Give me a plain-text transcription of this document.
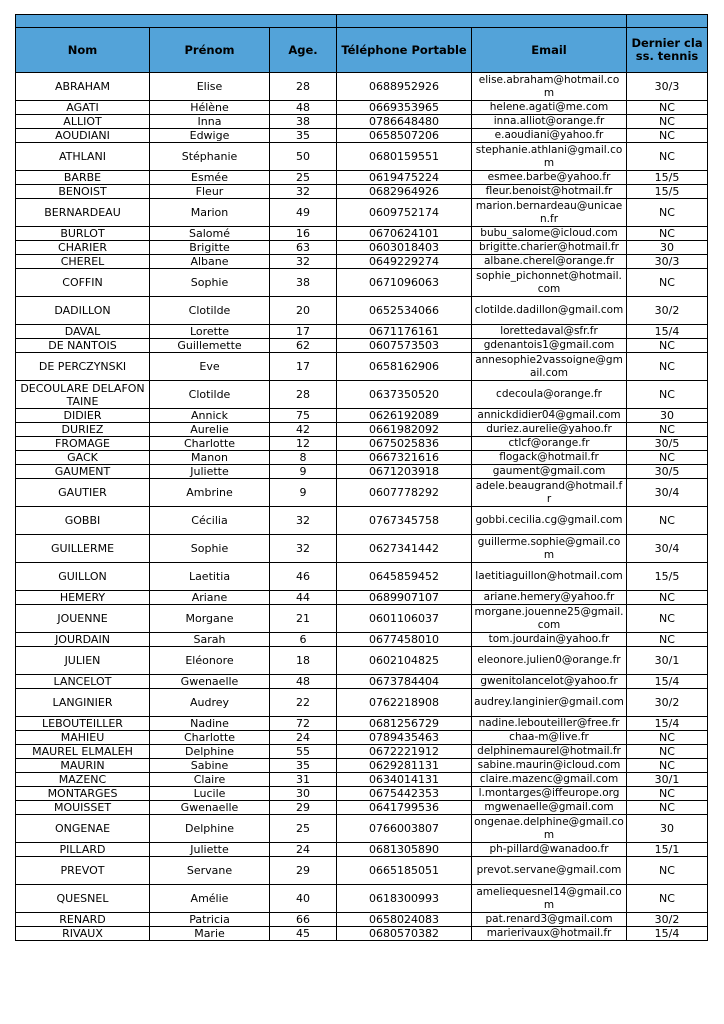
Nom	Prénom	Age.	Téléphone Portable	Email	Dernier class. tennis
ABRAHAM	Elise	28	0688952926	elise.abraham@hotmail.com	30/3
AGATI	Hélène	48	0669353965	helene.agati@me.com	NC
ALLIOT	Inna	38	0786648480	inna.alliot@orange.fr	NC
AOUDIANI	Edwige	35	0658507206	e.aoudiani@yahoo.fr	NC
ATHLANI	Stéphanie	50	0680159551	stephanie.athlani@gmail.com	NC
BARBE	Esmée	25	0619475224	esmee.barbe@yahoo.fr	15/5
BENOIST	Fleur	32	0682964926	fleur.benoist@hotmail.fr	15/5
BERNARDEAU	Marion	49	0609752174	marion.bernardeau@unicaen.fr	NC
BURLOT	Salomé	16	0670624101	bubu_salome@icloud.com	NC
CHARIER	Brigitte	63	0603018403	brigitte.charier@hotmail.fr	30
CHEREL	Albane	32	0649229274	albane.cherel@orange.fr	30/3
COFFIN	Sophie	38	0671096063	sophie_pichonnet@hotmail.com	NC
DADILLON	Clotilde	20	0652534066	clotilde.dadillon@gmail.com	30/2
DAVAL	Lorette	17	0671176161	lorettedaval@sfr.fr	15/4
DE NANTOIS	Guillemette	62	0607573503	gdenantois1@gmail.com	NC
DE PERCZYNSKI	Eve	17	0658162906	annesophie2vassoigne@gmail.com	NC
DECOULARE DELAFONTAINE	Clotilde	28	0637350520	cdecoula@orange.fr	NC
DIDIER	Annick	75	0626192089	annickdidier04@gmail.com	30
DURIEZ	Aurelie	42	0661982092	duriez.aurelie@yahoo.fr	NC
FROMAGE	Charlotte	12	0675025836	ctlcf@orange.fr	30/5
GACK	Manon	8	0667321616	flogack@hotmail.fr	NC
GAUMENT	Juliette	9	0671203918	gaument@gmail.com	30/5
GAUTIER	Ambrine	9	0607778292	adele.beaugrand@hotmail.fr	30/4
GOBBI	Cécilia	32	0767345758	gobbi.cecilia.cg@gmail.com	NC
GUILLERME	Sophie	32	0627341442	guillerme.sophie@gmail.com	30/4
GUILLON	Laetitia	46	0645859452	laetitiaguillon@hotmail.com	15/5
HEMERY	Ariane	44	0689907107	ariane.hemery@yahoo.fr	NC
JOUENNE	Morgane	21	0601106037	morgane.jouenne25@gmail.com	NC
JOURDAIN	Sarah	6	0677458010	tom.jourdain@yahoo.fr	NC
JULIEN	Eléonore	18	0602104825	eleonore.julien0@orange.fr	30/1
LANCELOT	Gwenaelle	48	0673784404	gwenitolancelot@yahoo.fr	15/4
LANGINIER	Audrey	22	0762218908	audrey.langinier@gmail.com	30/2
LEBOUTEILLER	Nadine	72	0681256729	nadine.lebouteiller@free.fr	15/4
MAHIEU	Charlotte	24	0789435463	chaa-m@live.fr	NC
MAUREL ELMALEH	Delphine	55	0672221912	delphinemaurel@hotmail.fr	NC
MAURIN	Sabine	35	0629281131	sabine.maurin@icloud.com	NC
MAZENC	Claire	31	0634014131	claire.mazenc@gmail.com	30/1
MONTARGES	Lucile	30	0675442353	l.montarges@iffeurope.org	NC
MOUISSET	Gwenaelle	29	0641799536	mgwenaelle@gmail.com	NC
ONGENAE	Delphine	25	0766003807	ongenae.delphine@gmail.com	30
PILLARD	Juliette	24	0681305890	ph-pillard@wanadoo.fr	15/1
PREVOT	Servane	29	0665185051	prevot.servane@gmail.com	NC
QUESNEL	Amélie	40	0618300993	ameliequesnel14@gmail.com	NC
RENARD	Patricia	66	0658024083	pat.renard3@gmail.com	30/2
RIVAUX	Marie	45	0680570382	marierivaux@hotmail.fr	15/4
